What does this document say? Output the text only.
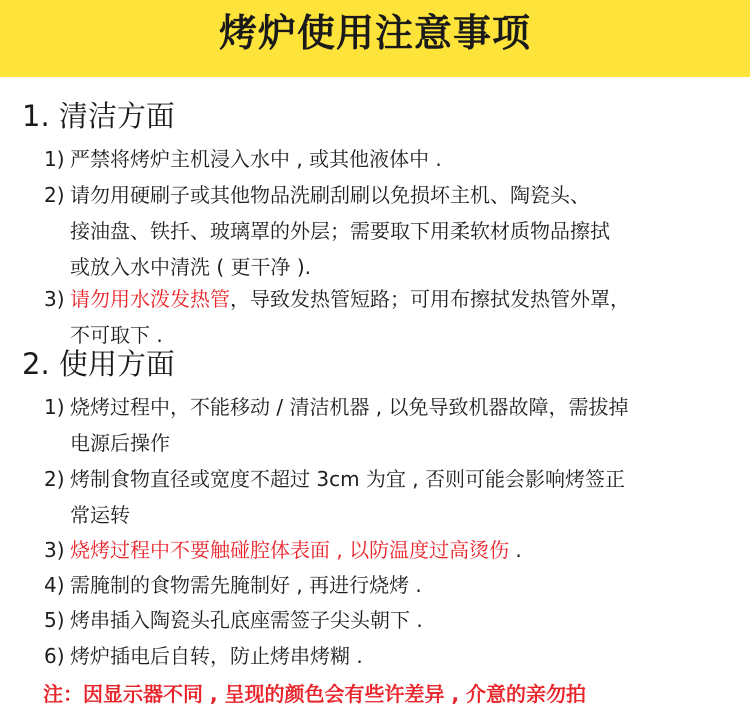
烤炉使用注意事项
1. 清洁方面
1) 严禁将烤炉主机浸入水中 , 或其他液体中 .
2) 请勿用硬刷子或其他物品洗刷刮刷以免损坏主机、陶瓷头、
接油盘、铁扦、玻璃罩的外层；需要取下用柔软材质物品擦拭
或放入水中清洗 ( 更干净 ).
3) 请勿用水泼发热管，导致发热管短路；可用布擦拭发热管外罩，
不可取下 .
2. 使用方面
1) 烧烤过程中，不能移动 / 清洁机器 , 以免导致机器故障，需拔掉
电源后操作
2) 烤制食物直径或宽度不超过 3cm 为宜 , 否则可能会影响烤签正
常运转
3) 烧烤过程中不要触碰腔体表面 , 以防温度过高烫伤 .
4) 需腌制的食物需先腌制好 , 再进行烧烤 .
5) 烤串插入陶瓷头孔底座需签子尖头朝下 .
6) 烤炉插电后自转，防止烤串烤糊 .
注：因显示器不同 , 呈现的颜色会有些许差异 , 介意的亲勿拍
